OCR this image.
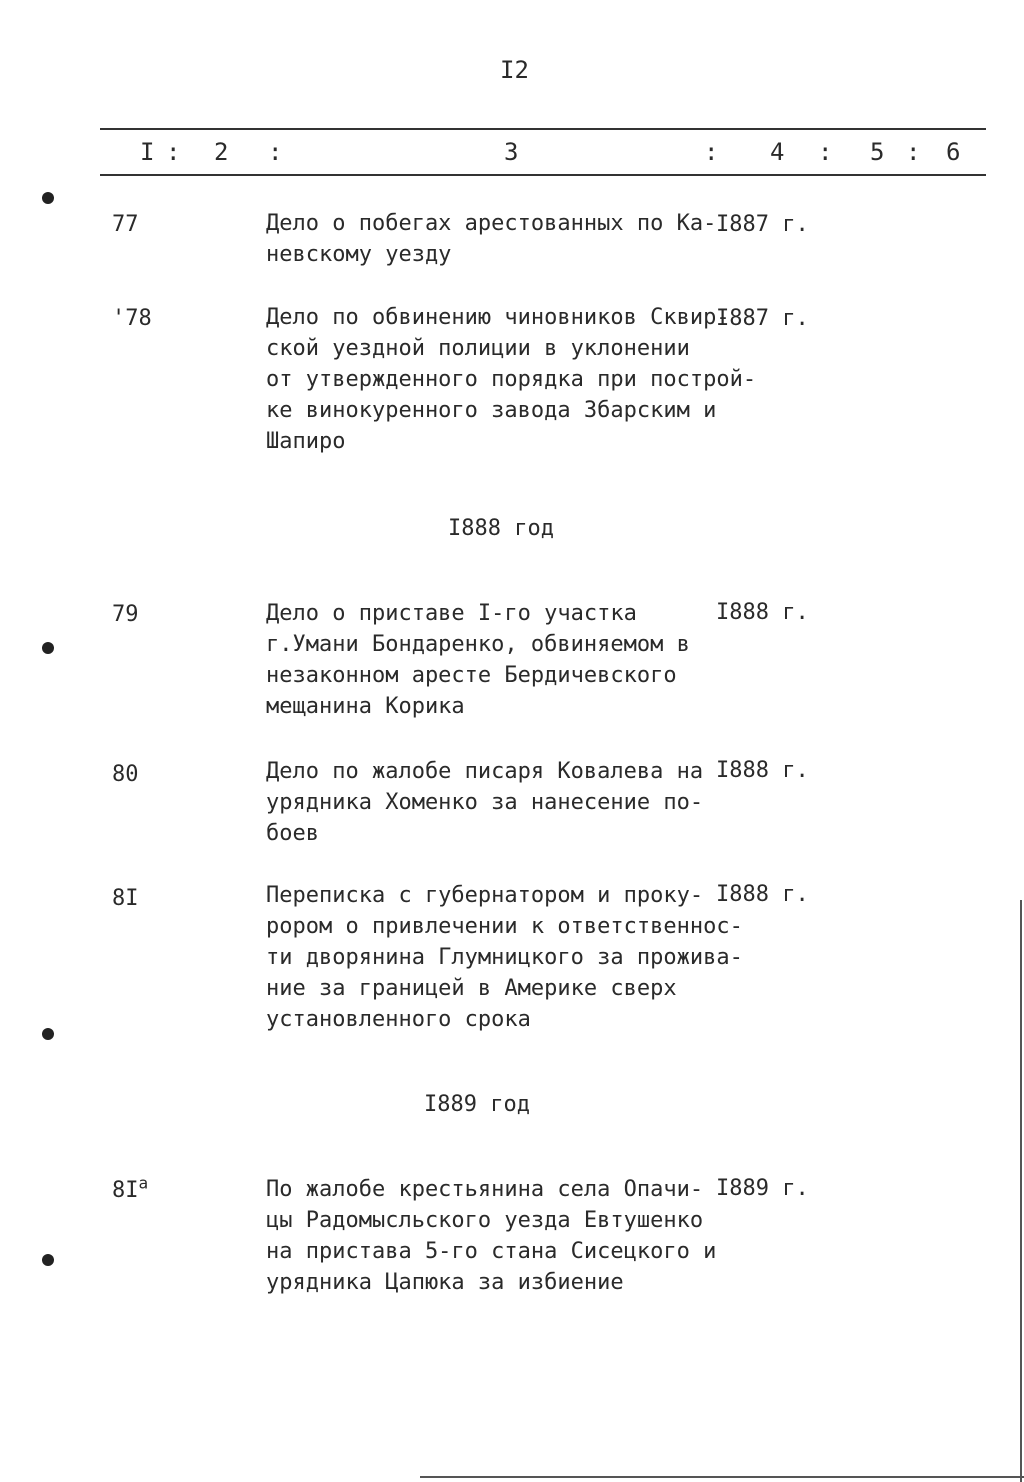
I2
I : 2 :	3	: 4 : 5 : 6
77	Дело о побегах арестованных по Ка-
невскому уезду
I887 г.
'78	Дело по обвинению чиновников Сквир-
ской уездной полиции в уклонении
от утвержденного порядка при построй-
ке винокуренного завода Збарским и
Шапиро
I887 г.
I888 год
79	Дело о приставе I-го участка
г.Умани Бондаренко, обвиняемом в
незаконном аресте Бердичевского
мещанина Корика
I888 г.
80	Дело по жалобе писаря Ковалева на
урядника Хоменко за нанесение по-
боев
I888 г.
8I	Переписка с губернатором и проку-
рором о привлечении к ответственнос-
ти дворянина Глумницкого за прожива-
ние за границей в Америке сверх
установленного срока
I888 г.
I889 год
$8I^a$	По жалобе крестьянина села Опачи-
цы Радомысльского уезда Евтушенко
на пристава 5-го стана Сисецкого и
урядника Цапюка за избиение
I889 г.
